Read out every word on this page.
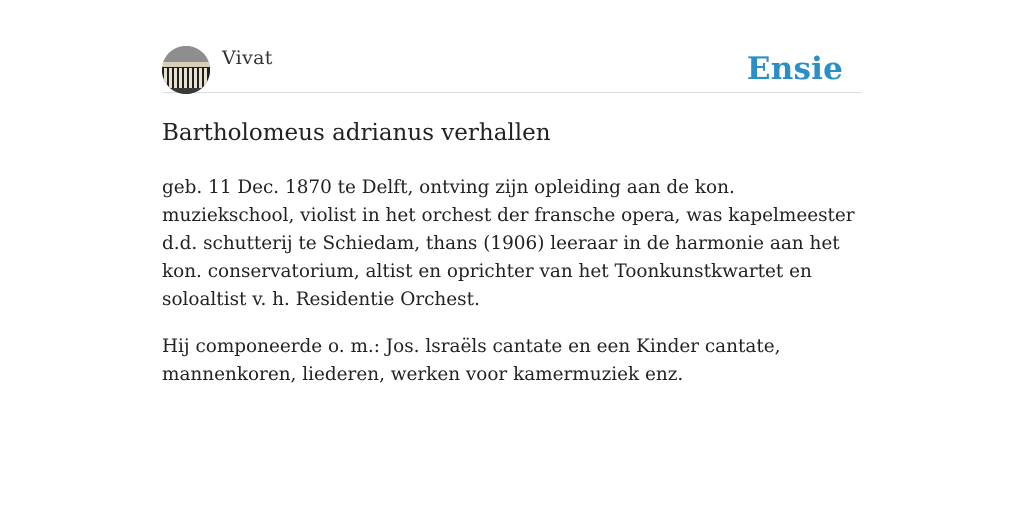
Vivat	Ensie
Bartholomeus adrianus verhallen

geb. 11 Dec. 1870 te Delft, ontving zijn opleiding aan de kon. muziekschool, violist in het orchest der fransche opera, was kapelmeester d.d. schutterij te Schiedam, thans (1906) leeraar in de harmonie aan het kon. conservatorium, altist en oprichter van het Toonkunstkwartet en soloaltist v. h. Residentie Orchest.

Hij componeerde o. m.: Jos. lsraëls cantate en een Kinder cantate, mannenkoren, liederen, werken voor kamermuziek enz.
